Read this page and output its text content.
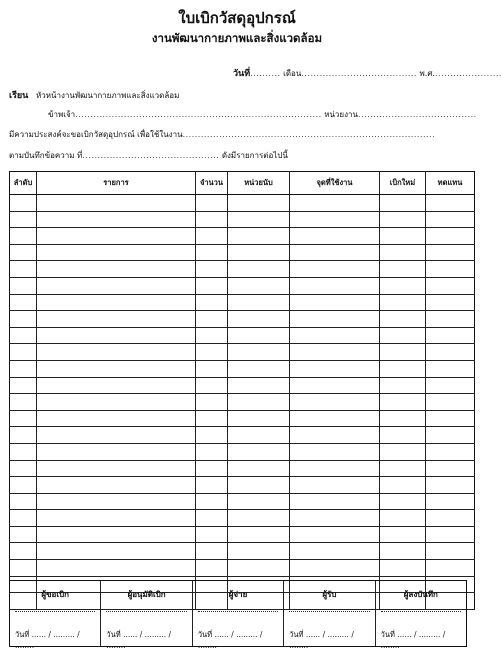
ใบเบิกวัสดุอุปกรณ์
งานพัฒนากายภาพและสิ่งแวดล้อม
วันที่.......... เดือน...................................... พ.ศ.......................
เรียน หัวหน้างานพัฒนากายภาพและสิ่งแวดล้อม
ข้าพเจ้า................................................................................. หน่วยงาน.......................................
มีความประสงค์จะขอเบิกวัสดุอุปกรณ์ เพื่อใช้ในงาน...................................................................................
ตามบันทึกข้อความ ที่............................................. ดังมีรายการต่อไปนี้
ลำดับ	รายการ	จำนวน	หน่วยนับ	จุดที่ใช้งาน	เบิกใหม่	ทดแทน

ผู้ขอเบิก
วันที่ ...... / ......... / ........
ผู้อนุมัติเบิก
วันที่ ...... / ......... / ........
ผู้จ่าย
วันที่ ...... / ......... / ........
ผู้รับ
วันที่ ...... / ......... / ........
ผู้ลงบันทึก
วันที่ ...... / ......... / ........
